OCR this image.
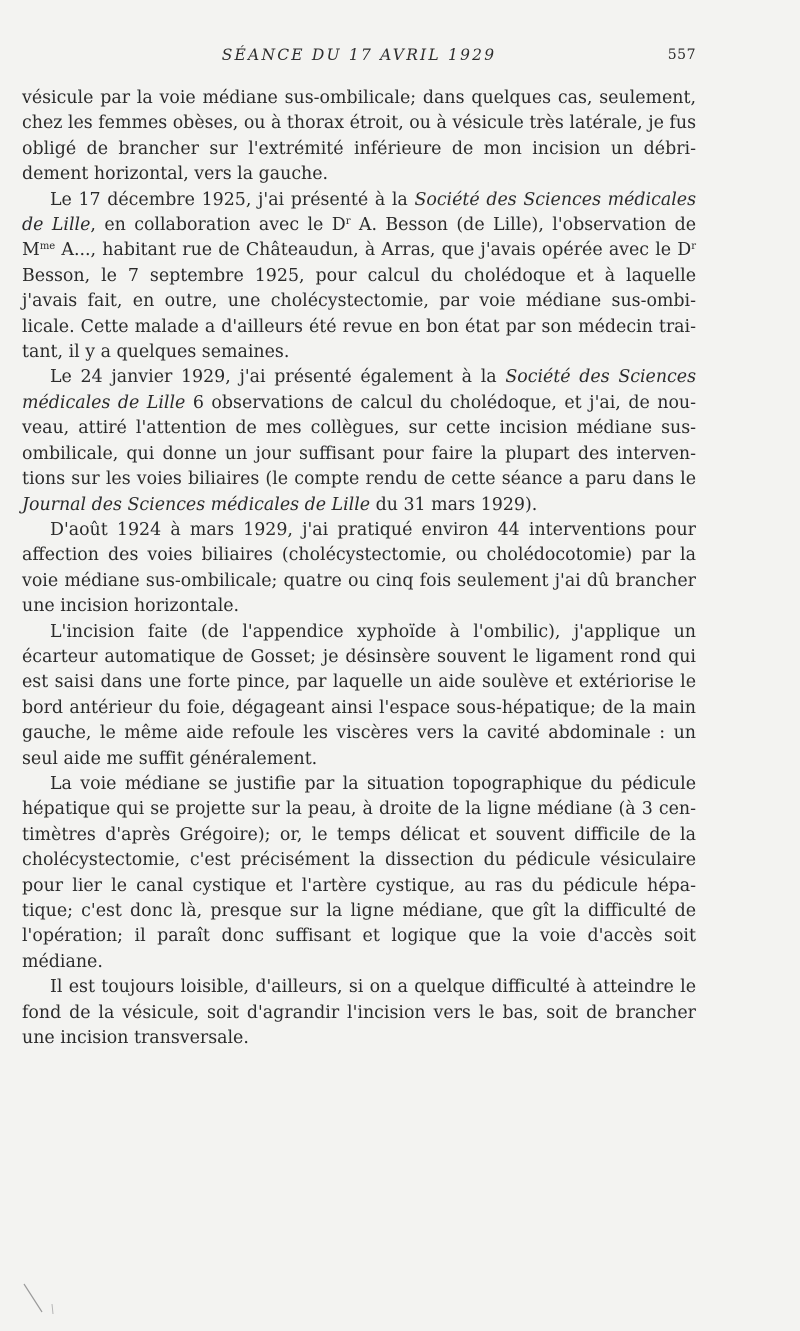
SÉANCE DU 17 AVRIL 1929	557

vésicule par la voie médiane sus-ombilicale; dans quelques cas, seulement, chez les femmes obèses, ou à thorax étroit, ou à vésicule très latérale, je fus obligé de brancher sur l'extrémité inférieure de mon incision un débridement horizontal, vers la gauche.

Le 17 décembre 1925, j'ai présenté à la Société des Sciences médicales de Lille, en collaboration avec le $D^r$ A. Besson (de Lille), l'observation de $M^{me}$ A..., habitant rue de Châteaudun, à Arras, que j'avais opérée avec le $D^r$ Besson, le 7 septembre 1925, pour calcul du cholédoque et à laquelle j'avais fait, en outre, une cholécystectomie, par voie médiane sus-ombilicale. Cette malade a d'ailleurs été revue en bon état par son médecin traitant, il y a quelques semaines.

Le 24 janvier 1929, j'ai présenté également à la Société des Sciences médicales de Lille 6 observations de calcul du cholédoque, et j'ai, de nouveau, attiré l'attention de mes collègues, sur cette incision médiane sus-ombilicale, qui donne un jour suffisant pour faire la plupart des interventions sur les voies biliaires (le compte rendu de cette séance a paru dans le Journal des Sciences médicales de Lille du 31 mars 1929).

D'août 1924 à mars 1929, j'ai pratiqué environ 44 interventions pour affection des voies biliaires (cholécystectomie, ou cholédocotomie) par la voie médiane sus-ombilicale; quatre ou cinq fois seulement j'ai dû brancher une incision horizontale.

L'incision faite (de l'appendice xyphoïde à l'ombilic), j'applique un écarteur automatique de Gosset; je désinsère souvent le ligament rond qui est saisi dans une forte pince, par laquelle un aide soulève et extériorise le bord antérieur du foie, dégageant ainsi l'espace sous-hépatique; de la main gauche, le même aide refoule les viscères vers la cavité abdominale : un seul aide me suffit généralement.

La voie médiane se justifie par la situation topographique du pédicule hépatique qui se projette sur la peau, à droite de la ligne médiane (à 3 centimètres d'après Grégoire); or, le temps délicat et souvent difficile de la cholécystectomie, c'est précisément la dissection du pédicule vésiculaire pour lier le canal cystique et l'artère cystique, au ras du pédicule hépatique; c'est donc là, presque sur la ligne médiane, que gît la difficulté de l'opération; il paraît donc suffisant et logique que la voie d'accès soit médiane.

Il est toujours loisible, d'ailleurs, si on a quelque difficulté à atteindre le fond de la vésicule, soit d'agrandir l'incision vers le bas, soit de brancher une incision transversale.
